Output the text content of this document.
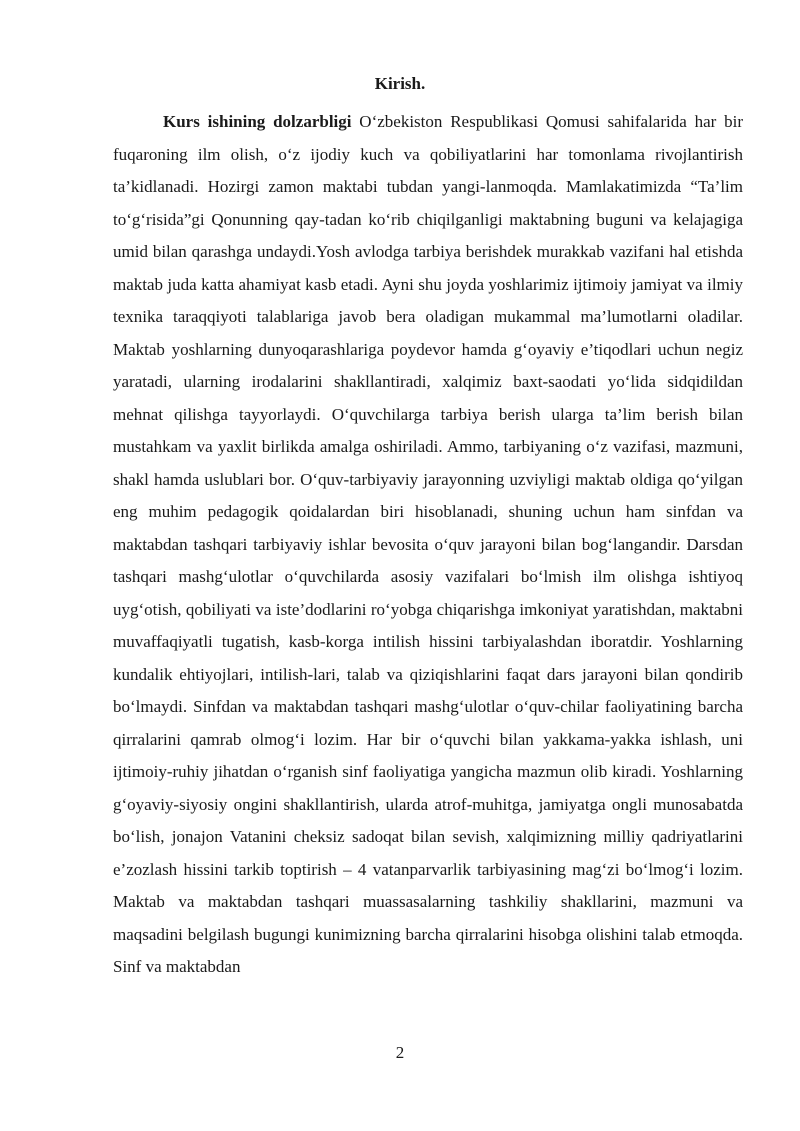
Kirish.

Kurs ishining dolzarbligi O‘zbekiston Respublikasi Qomusi sahifalarida har bir fuqaroning ilm olish, o‘z ijodiy kuch va qobiliyatlarini har tomonlama rivojlantirish ta’kidlanadi. Hozirgi zamon maktabi tubdan yangi-lanmoqda. Mamlakatimizda “Ta’lim to‘g‘risida”gi Qonunning qay-tadan ko‘rib chiqilganligi maktabning buguni va kelajagiga umid bilan qarashga undaydi.Yosh avlodga tarbiya berishdek murakkab vazifani hal etishda maktab juda katta ahamiyat kasb etadi. Ayni shu joyda yoshlarimiz ijtimoiy jamiyat va ilmiy texnika taraqqiyoti talablariga javob bera oladigan mukammal ma’lumotlarni oladilar. Maktab yoshlarning dunyoqarashlariga poydevor hamda g‘oyaviy e’tiqodlari uchun negiz yaratadi, ularning irodalarini shakllantiradi, xalqimiz baxt-saodati yo‘lida sidqidildan mehnat qilishga tayyorlaydi. O‘quvchilarga tarbiya berish ularga ta’lim berish bilan mustahkam va yaxlit birlikda amalga oshiriladi. Ammo, tarbiyaning o‘z vazifasi, mazmuni, shakl hamda uslublari bor. O‘quv-tarbiyaviy jarayonning uzviyligi maktab oldiga qo‘yilgan eng muhim pedagogik qoidalardan biri hisoblanadi, shuning uchun ham sinfdan va maktabdan tashqari tarbiyaviy ishlar bevosita o‘quv jarayoni bilan bog‘langandir. Darsdan tashqari mashg‘ulotlar o‘quvchilarda asosiy vazifalari bo‘lmish ilm olishga ishtiyoq uyg‘otish, qobiliyati va iste’dodlarini ro‘yobga chiqarishga imkoniyat yaratishdan, maktabni muvaffaqiyatli tugatish, kasb-korga intilish hissini tarbiyalashdan iboratdir. Yoshlarning kundalik ehtiyojlari, intilish-lari, talab va qiziqishlarini faqat dars jarayoni bilan qondirib bo‘lmaydi. Sinfdan va maktabdan tashqari mashg‘ulotlar o‘quv-chilar faoliyatining barcha qirralarini qamrab olmog‘i lozim. Har bir o‘quvchi bilan yakkama-yakka ishlash, uni ijtimoiy-ruhiy jihatdan o‘rganish sinf faoliyatiga yangicha mazmun olib kiradi. Yoshlarning g‘oyaviy-siyosiy ongini shakllantirish, ularda atrof-muhitga, jamiyatga ongli munosabatda bo‘lish, jonajon Vatanini cheksiz sadoqat bilan sevish, xalqimizning milliy qadriyatlarini e’zozlash hissini tarkib toptirish – 4 vatanparvarlik tarbiyasining mag‘zi bo‘lmog‘i lozim. Maktab va maktabdan tashqari muassasalarning tashkiliy shakllarini, mazmuni va maqsadini belgilash bugungi kunimizning barcha qirralarini hisobga olishini talab etmoqda. Sinf va maktabdan

2
